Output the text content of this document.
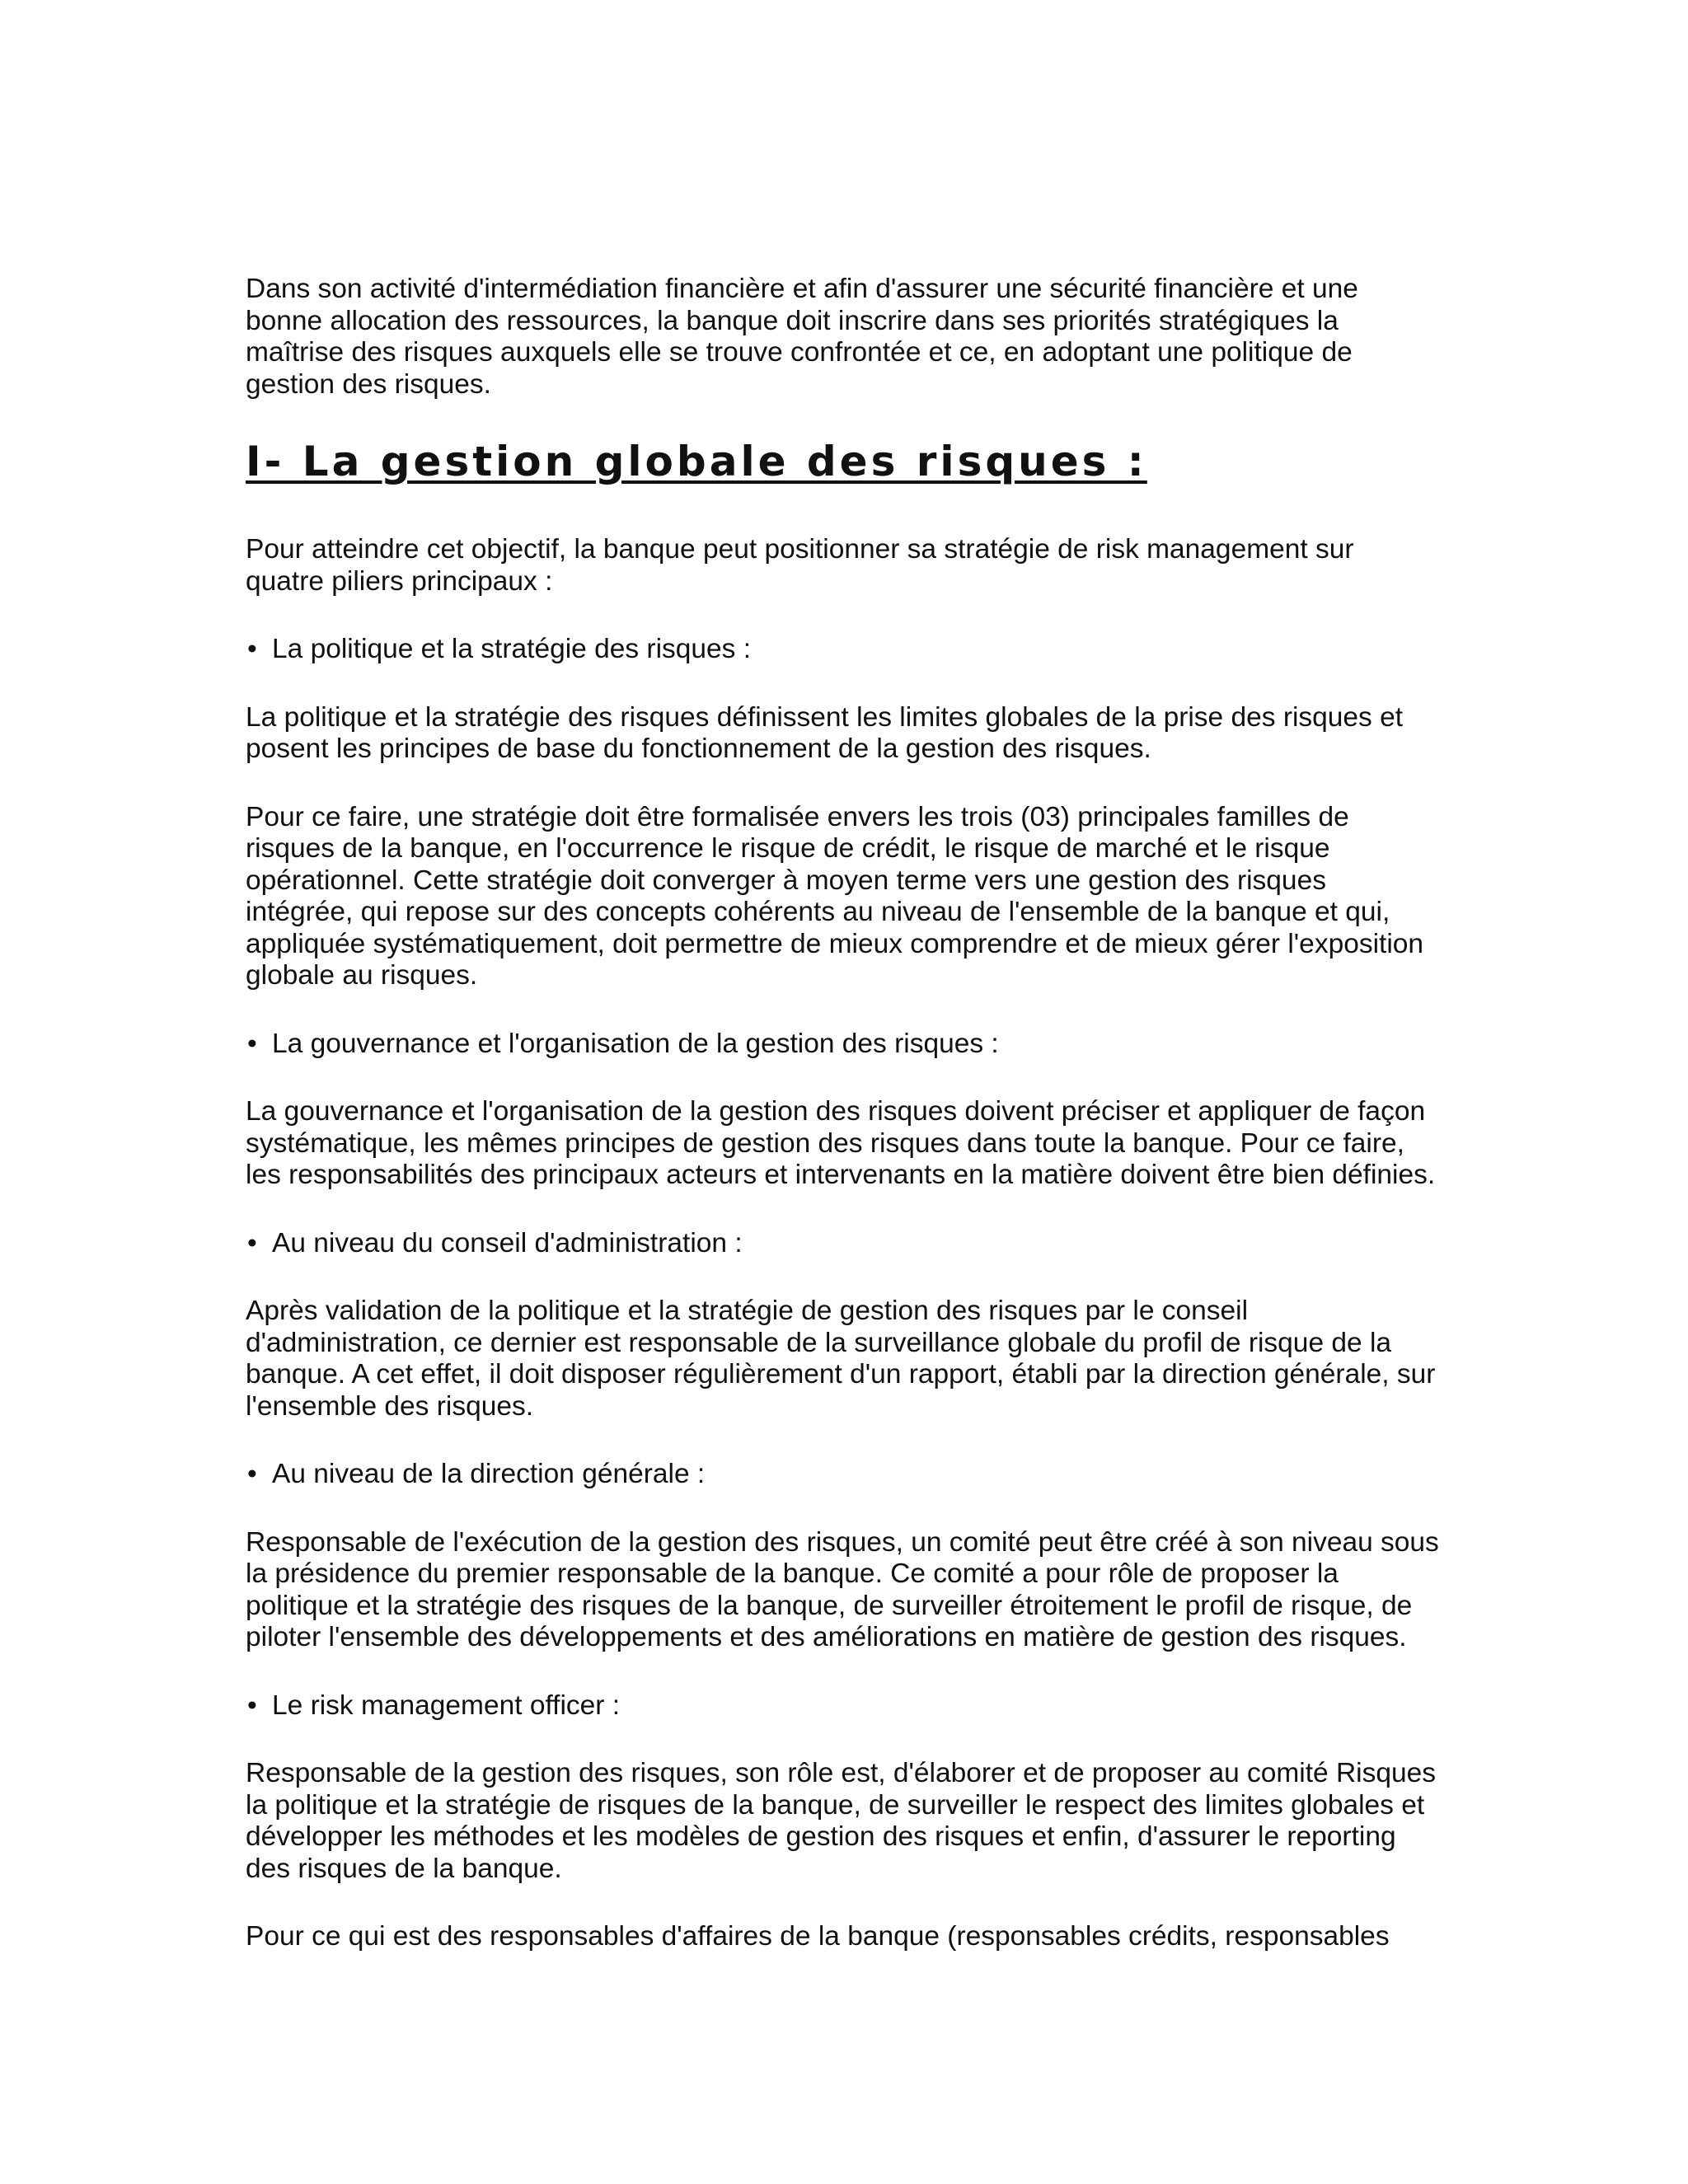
Dans son activité d'intermédiation financière et afin d'assurer une sécurité financière et une
bonne allocation des ressources, la banque doit inscrire dans ses priorités stratégiques la
maîtrise des risques auxquels elle se trouve confrontée et ce, en adoptant une politique de
gestion des risques.
I- La gestion globale des risques :
Pour atteindre cet objectif, la banque peut positionner sa stratégie de risk management sur
quatre piliers principaux :
• La politique et la stratégie des risques :
La politique et la stratégie des risques définissent les limites globales de la prise des risques et
posent les principes de base du fonctionnement de la gestion des risques.
Pour ce faire, une stratégie doit être formalisée envers les trois (03) principales familles de
risques de la banque, en l'occurrence le risque de crédit, le risque de marché et le risque
opérationnel. Cette stratégie doit converger à moyen terme vers une gestion des risques
intégrée, qui repose sur des concepts cohérents au niveau de l'ensemble de la banque et qui,
appliquée systématiquement, doit permettre de mieux comprendre et de mieux gérer l'exposition
globale au risques.
• La gouvernance et l'organisation de la gestion des risques :
La gouvernance et l'organisation de la gestion des risques doivent préciser et appliquer de façon
systématique, les mêmes principes de gestion des risques dans toute la banque. Pour ce faire,
les responsabilités des principaux acteurs et intervenants en la matière doivent être bien définies.
• Au niveau du conseil d'administration :
Après validation de la politique et la stratégie de gestion des risques par le conseil
d'administration, ce dernier est responsable de la surveillance globale du profil de risque de la
banque. A cet effet, il doit disposer régulièrement d'un rapport, établi par la direction générale, sur
l'ensemble des risques.
• Au niveau de la direction générale :
Responsable de l'exécution de la gestion des risques, un comité peut être créé à son niveau sous
la présidence du premier responsable de la banque. Ce comité a pour rôle de proposer la
politique et la stratégie des risques de la banque, de surveiller étroitement le profil de risque, de
piloter l'ensemble des développements et des améliorations en matière de gestion des risques.
• Le risk management officer :
Responsable de la gestion des risques, son rôle est, d'élaborer et de proposer au comité Risques
la politique et la stratégie de risques de la banque, de surveiller le respect des limites globales et
développer les méthodes et les modèles de gestion des risques et enfin, d'assurer le reporting
des risques de la banque.
Pour ce qui est des responsables d'affaires de la banque (responsables crédits, responsables
